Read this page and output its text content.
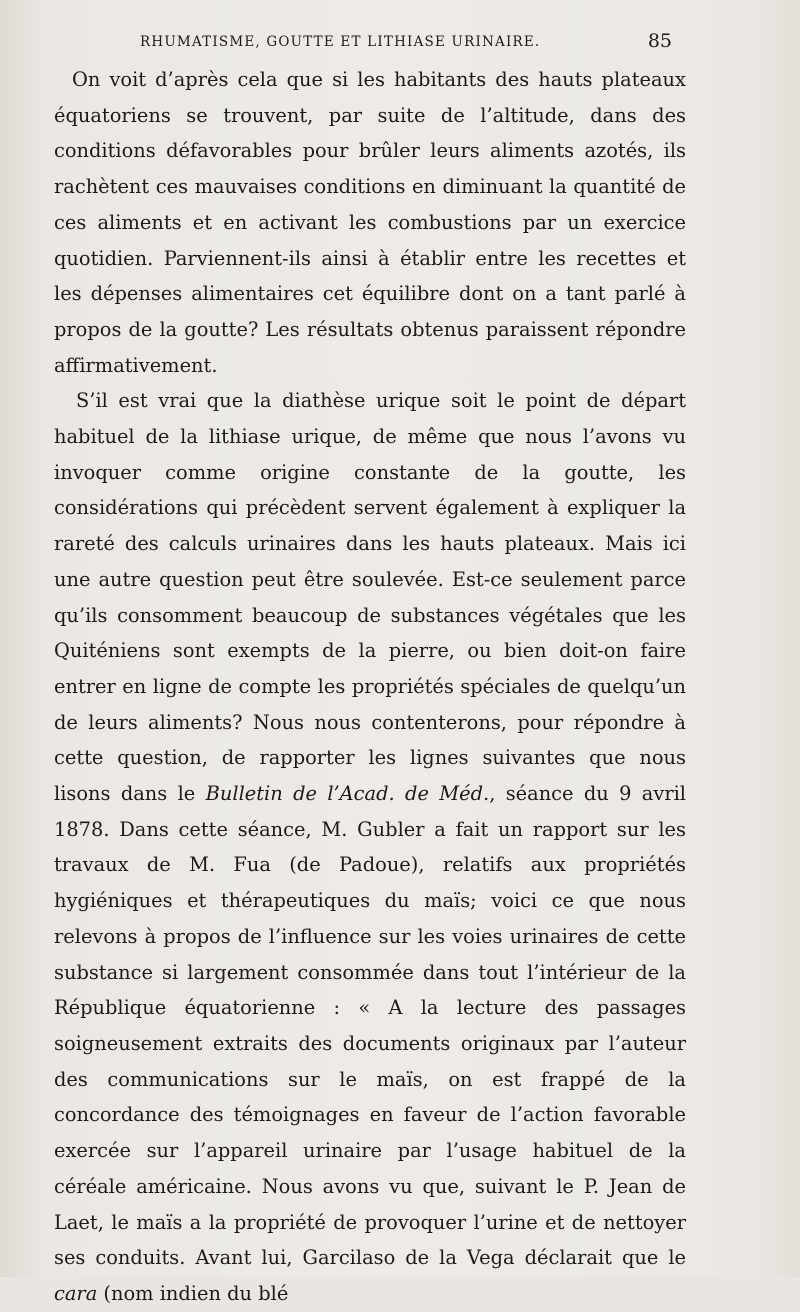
RHUMATISME, GOUTTE ET LITHIASE URINAIRE.	85

On voit d’après cela que si les habitants des hauts plateaux équatoriens se trouvent, par suite de l’altitude, dans des conditions défavorables pour brûler leurs aliments azotés, ils rachètent ces mauvaises conditions en diminuant la quantité de ces aliments et en activant les combustions par un exercice quotidien. Parviennent-ils ainsi à établir entre les recettes et les dépenses alimentaires cet équilibre dont on a tant parlé à propos de la goutte? Les résultats obtenus paraissent répondre affirmativement.

S’il est vrai que la diathèse urique soit le point de départ habituel de la lithiase urique, de même que nous l’avons vu invoquer comme origine constante de la goutte, les considérations qui précèdent servent également à expliquer la rareté des calculs urinaires dans les hauts plateaux. Mais ici une autre question peut être soulevée. Est-ce seulement parce qu’ils consomment beaucoup de substances végétales que les Quiténiens sont exempts de la pierre, ou bien doit-on faire entrer en ligne de compte les propriétés spéciales de quelqu’un de leurs aliments? Nous nous contenterons, pour répondre à cette question, de rapporter les lignes suivantes que nous lisons dans le Bulletin de l’Acad. de Méd., séance du 9 avril 1878. Dans cette séance, M. Gubler a fait un rapport sur les travaux de M. Fua (de Padoue), relatifs aux propriétés hygiéniques et thérapeutiques du maïs; voici ce que nous relevons à propos de l’influence sur les voies urinaires de cette substance si largement consommée dans tout l’intérieur de la République équatorienne : « A la lecture des passages soigneusement extraits des documents originaux par l’auteur des communications sur le maïs, on est frappé de la concordance des témoignages en faveur de l’action favorable exercée sur l’appareil urinaire par l’usage habituel de la céréale américaine. Nous avons vu que, suivant le P. Jean de Laet, le maïs a la propriété de provoquer l’urine et de nettoyer ses conduits. Avant lui, Garcilaso de la Vega déclarait que le cara (nom indien du blé
